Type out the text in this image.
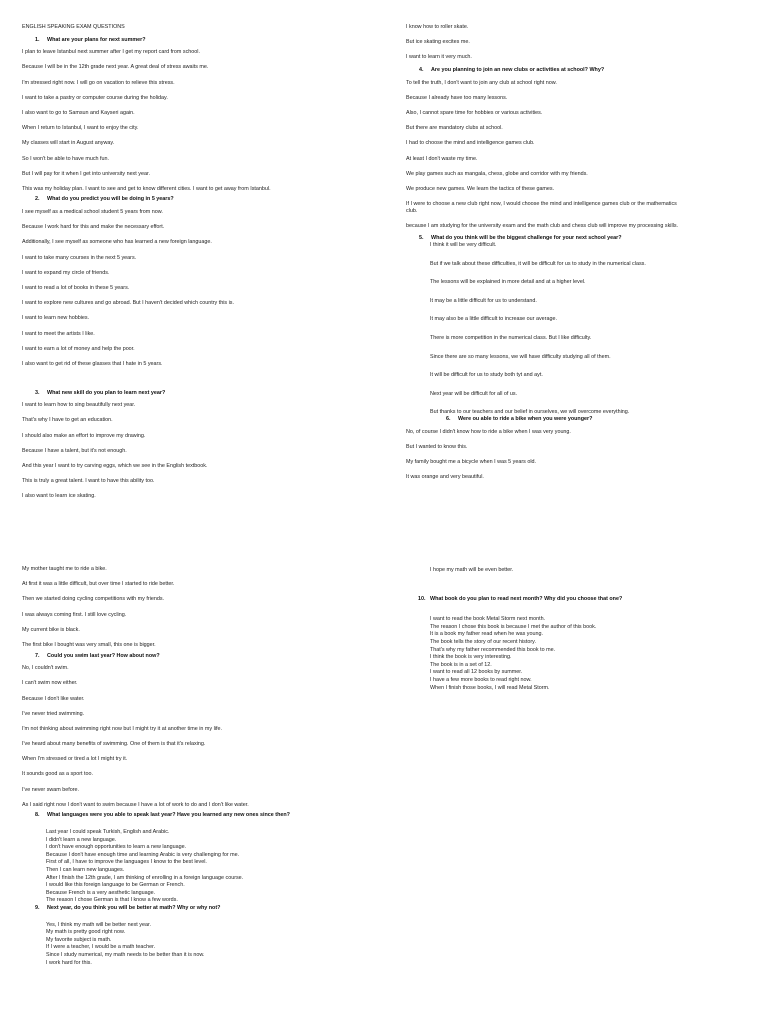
ENGLISH SPEAKING EXAM QUESTIONS

1. What are your plans for next summer?

I plan to leave Istanbul next summer after I get my report card from school.

Because I will be in the 12th grade next year. A great deal of stress awaits me.

I'm stressed right now. I will go on vacation to relieve this stress.

I want to take a pastry or computer course during the holiday.

I also want to go to Samsun and Kayseri again.

When I return to Istanbul, I want to enjoy the city.

My classes will start in August anyway.

So I won't be able to have much fun.

But I will pay for it when I get into university next year.

This was my holiday plan. I want to see and get to know different cities. I want to get away from Istanbul.

2. What do you predict you will be doing in 5 years?

I see myself as a medical school student 5 years from now.

Because I work hard for this and make the necessary effort.

Additionally, I see myself as someone who has learned a new foreign language.

I want to take many courses in the next 5 years.

I want to expand my circle of friends.

I want to read a lot of books in these 5 years.

I want to explore new cultures and go abroad. But I haven't decided which country this is.

I want to learn new hobbies.

I want to meet the artists I like.

I want to earn a lot of money and help the poor.

I also want to get rid of these glasses that I hate in 5 years.

3. What new skill do you plan to learn next year?

I want to learn how to sing beautifully next year.

That's why I have to get an education.

I should also make an effort to improve my drawing.

Because I have a talent, but it's not enough.

And this year I want to try carving eggs, which we see in the English textbook.

This is truly a great talent. I want to have this ability too.

I also want to learn ice skating.

I know how to roller skate.

But ice skating excites me.

I want to learn it very much.

4. Are you planning to join an new clubs or activities at school? Why?

To tell the truth, I don't want to join any club at school right now.

Because I already have too many lessons.

Also, I cannot spare time for hobbies or various activities.

But there are mandatory clubs at school.

I had to choose the mind and intelligence games club.

At least I don't waste my time.

We play games such as mangala, chess, globe and corridor with my friends.

We produce new games. We learn the tactics of these games.

If I were to choose a new club right now, I would choose the mind and intelligence games club or the mathematics

club.

because I am studying for the university exam and the math club and chess club will improve my processing skills.

5. What do you think will be the biggest challenge for your next school year?

I think it will be very difficult.

But if we talk about these difficulties, it will be difficult for us to study in the numerical class.

The lessons will be explained in more detail and at a higher level.

It may be a little difficult for us to understand.

It may also be a little difficult to increase our average.

There is more competition in the numerical class. But I like difficulty.

Since there are so many lessons, we will have difficulty studying all of them.

It will be difficult for us to study both tyt and ayt.

Next year will be difficult for all of us.

But thanks to our teachers and our belief in ourselves, we will overcome everything.

6. Were ou able to ride a bike when you were younger?

No, of course I didn't know how to ride a bike when I was very young.

But I wanted to know this.

My family bought me a bicycle when I was 5 years old.

It was orange and very beautiful.

My mother taught me to ride a bike.

At first it was a little difficult, but over time I started to ride better.

Then we started doing cycling competitions with my friends.

I was always coming first. I still love cycling.

My current bike is black.

The first bike I bought was very small, this one is bigger.

7. Could you swim last year? How about now?

No, I couldn't swim.

I can't swim now either.

Because I don't like water.

I've never tried swimming.

I'm not thinking about swimming right now but I might try it at another time in my life.

I've heard about many benefits of swimming. One of them is that it's relaxing.

When I'm stressed or tired a lot I might try it.

It sounds good as a sport too.

I've never swam before.

As I said right now I don't want to swim because I have a lot of work to do and I don't like water.

8. What languages were you able to speak last year? Have you learned any new ones since then?

Last year I could speak Turkish, English and Arabic.

I didn't learn a new language.

I don't have enough opportunities to learn a new language.

Because I don't have enough time and learning Arabic is very challenging for me.

First of all, I have to improve the languages I know to the best level.

Then I can learn new languages.

After I finish the 12th grade, I am thinking of enrolling in a foreign language course.

I would like this foreign language to be German or French.

Because French is a very aesthetic language.

The reason I chose German is that I know a few words.

9. Next year, do you think you will be better at math? Why or why not?

Yes, I think my math will be better next year.

My math is pretty good right now.

My favorite subject is math.

If I were a teacher, I would be a math teacher.

Since I study numerical, my math needs to be better than it is now.

I work hard for this.

I hope my math will be even better.

10. What book do you plan to read next month? Why did you choose that one?

I want to read the book Metal Storm next month.

The reason I chose this book is because I met the author of this book.

It is a book my father read when he was young.

The book tells the story of our recent history.

That's why my father recommended this book to me.

I think the book is very interesting.

The book is in a set of 12.

I want to read all 12 books by summer.

I have a few more books to read right now.

When I finish those books, I will read Metal Storm.
